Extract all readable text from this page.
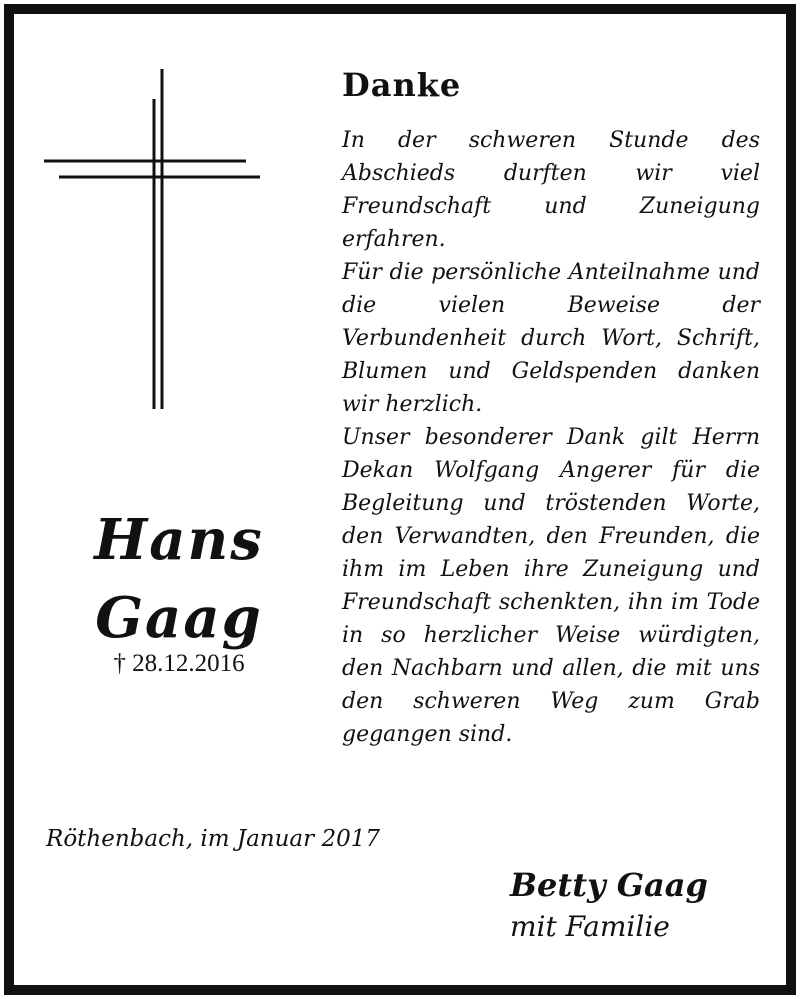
Hans
Gaag
† 28.12.2016
Danke

In der schweren Stunde des Abschieds durften wir viel Freundschaft und Zuneigung erfahren.

Für die persönliche Anteilnahme und die vielen Beweise der Verbundenheit durch Wort, Schrift, Blumen und Geldspenden danken wir herzlich.

Unser besonderer Dank gilt Herrn Dekan Wolfgang Angerer für die Begleitung und tröstenden Worte, den Verwandten, den Freunden, die ihm im Leben ihre Zuneigung und Freundschaft schenkten, ihn im Tode in so herzlicher Weise würdigten, den Nachbarn und allen, die mit uns den schweren Weg zum Grab gegangen sind.

Röthenbach, im Januar 2017
Betty Gaag
mit Familie
